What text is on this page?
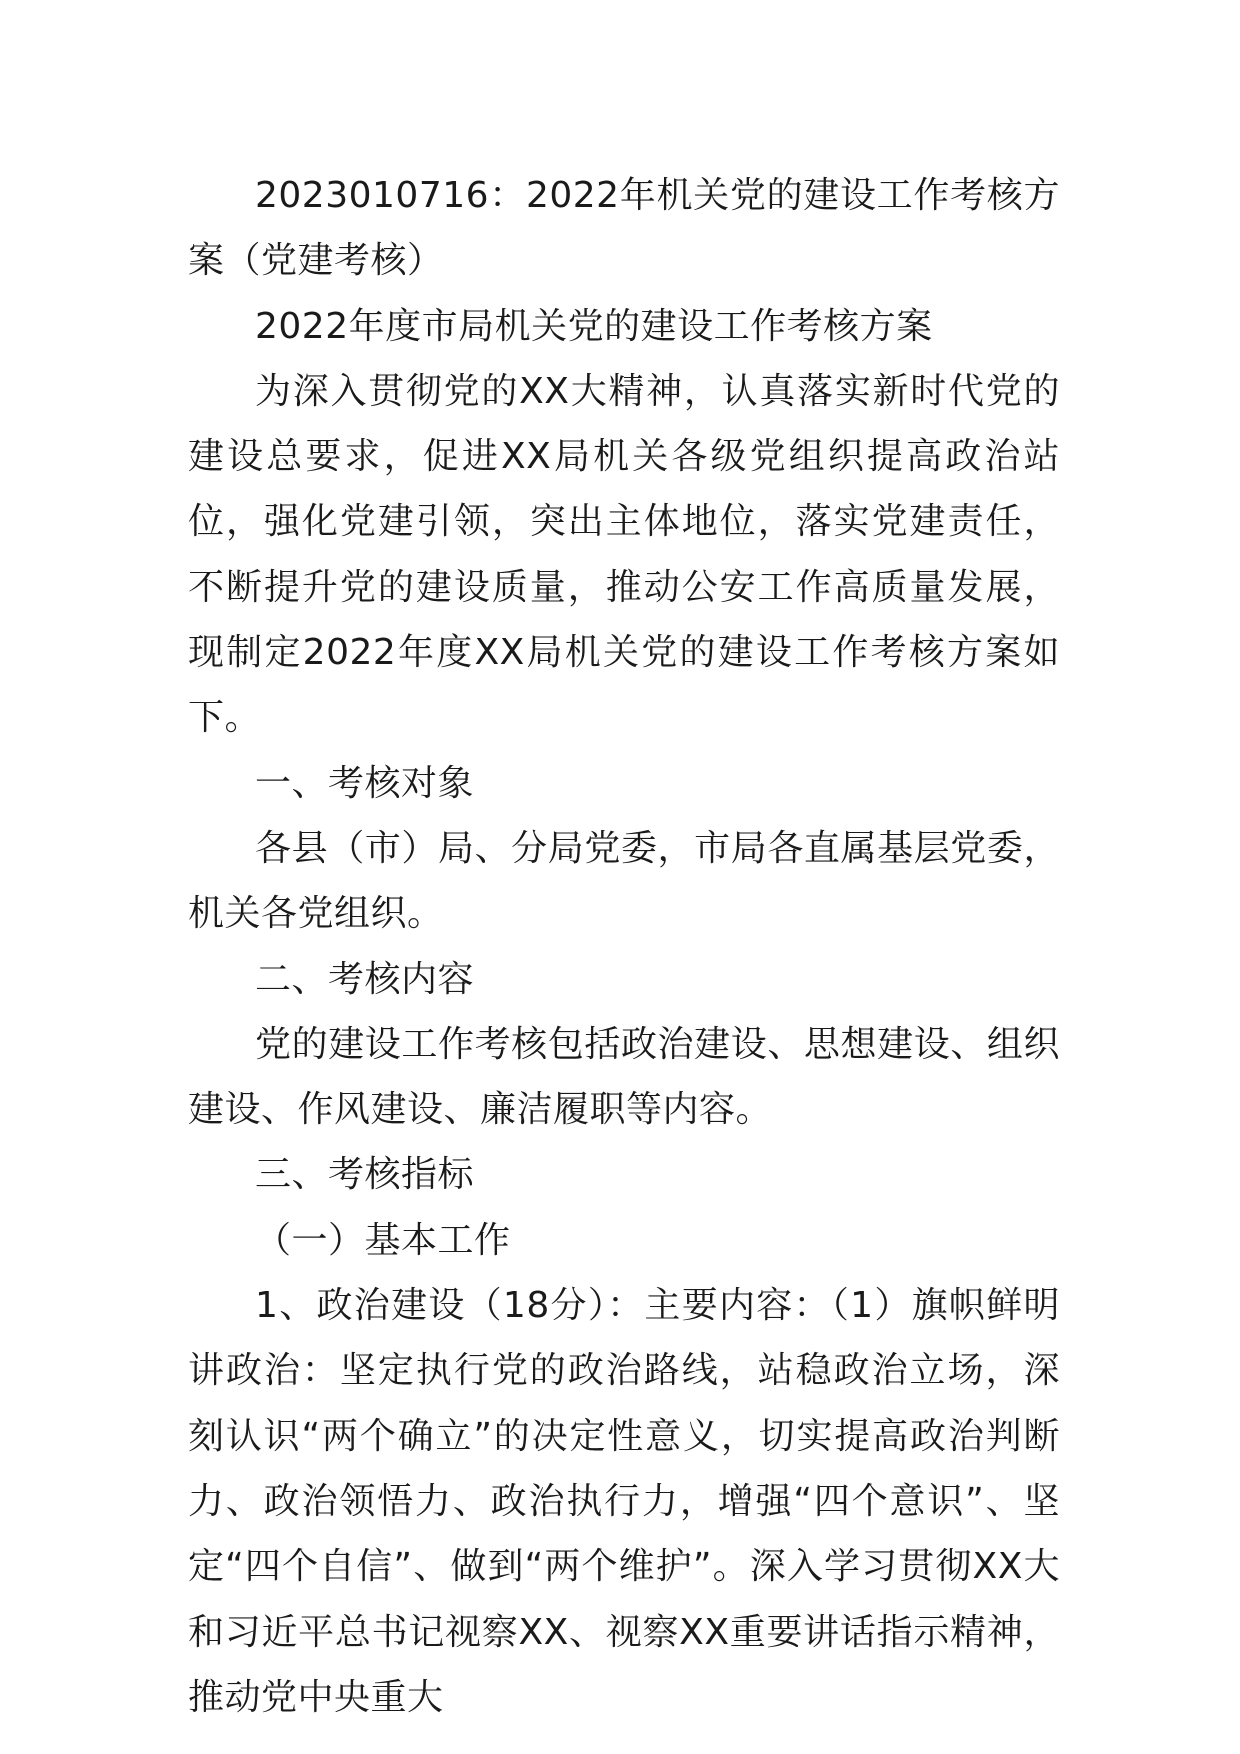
2023010716：2022年机关党的建设工作考核方案（党建考核）

2022年度市局机关党的建设工作考核方案

为深入贯彻党的XX大精神，认真落实新时代党的建设总要求，促进XX局机关各级党组织提高政治站位，强化党建引领，突出主体地位，落实党建责任，不断提升党的建设质量，推动公安工作高质量发展，现制定2022年度XX局机关党的建设工作考核方案如下。

一、考核对象

各县（市）局、分局党委，市局各直属基层党委，机关各党组织。

二、考核内容

党的建设工作考核包括政治建设、思想建设、组织建设、作风建设、廉洁履职等内容。

三、考核指标

（一）基本工作

1、政治建设（18分）：主要内容：（1）旗帜鲜明讲政治：坚定执行党的政治路线，站稳政治立场，深刻认识“两个确立”的决定性意义，切实提高政治判断力、政治领悟力、政治执行力，增强“四个意识”、坚定“四个自信”、做到“两个维护”。深入学习贯彻XX大和习近平总书记视察XX、视察XX重要讲话指示精神，推动党中央重大
